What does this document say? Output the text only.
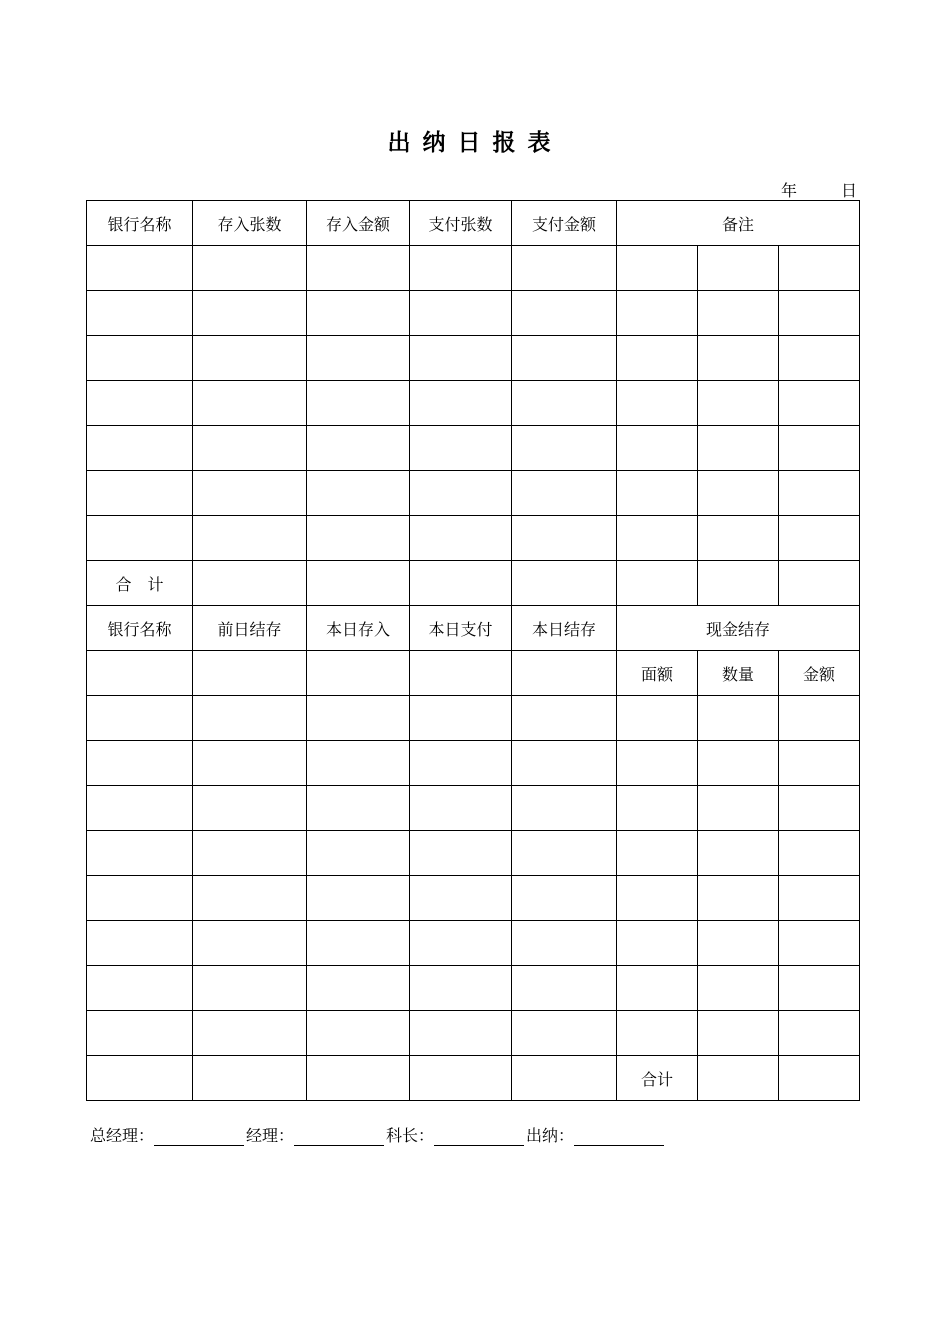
出纳日报表
年	日
银行名称	存入张数	存入金额	支付张数	支付金额	备注		

合　计							
银行名称	前日结存	本日存入	本日支付	本日结存	现金结存		
					面额	数量	金额

					合计		
总经理：	经理：	科长：	出纳：
